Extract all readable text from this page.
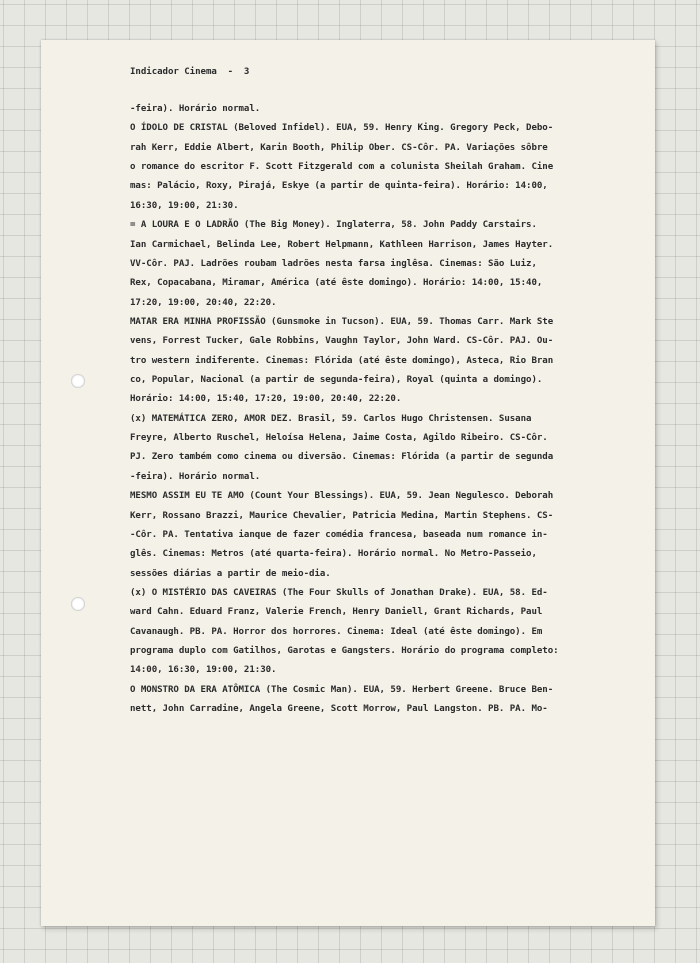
Indicador Cinema  -  3
-feira). Horário normal.
O ÍDOLO DE CRISTAL (Beloved Infidel). EUA, 59. Henry King. Gregory Peck, Debo-
rah Kerr, Eddie Albert, Karin Booth, Philip Ober. CS-Côr. PA. Variações sôbre
o romance do escritor F. Scott Fitzgerald com a colunista Sheilah Graham. Cine
mas: Palácio, Roxy, Pirajá, Eskye (a partir de quinta-feira). Horário: 14:00,
16:30, 19:00, 21:30.
= A LOURA E O LADRÃO (The Big Money). Inglaterra, 58. John Paddy Carstairs.
Ian Carmichael, Belinda Lee, Robert Helpmann, Kathleen Harrison, James Hayter.
VV-Côr. PAJ. Ladrões roubam ladrões nesta farsa inglêsa. Cinemas: São Luiz,
Rex, Copacabana, Miramar, América (até êste domingo). Horário: 14:00, 15:40,
17:20, 19:00, 20:40, 22:20.
MATAR ERA MINHA PROFISSÃO (Gunsmoke in Tucson). EUA, 59. Thomas Carr. Mark Ste
vens, Forrest Tucker, Gale Robbins, Vaughn Taylor, John Ward. CS-Côr. PAJ. Ou-
tro western indiferente. Cinemas: Flórida (até êste domingo), Asteca, Rio Bran
co, Popular, Nacional (a partir de segunda-feira), Royal (quinta a domingo).
Horário: 14:00, 15:40, 17:20, 19:00, 20:40, 22:20.
(x) MATEMÁTICA ZERO, AMOR DEZ. Brasil, 59. Carlos Hugo Christensen. Susana
Freyre, Alberto Ruschel, Heloísa Helena, Jaime Costa, Agildo Ribeiro. CS-Côr.
PJ. Zero também como cinema ou diversão. Cinemas: Flórida (a partir de segunda
-feira). Horário normal.
MESMO ASSIM EU TE AMO (Count Your Blessings). EUA, 59. Jean Negulesco. Deborah
Kerr, Rossano Brazzi, Maurice Chevalier, Patricia Medina, Martin Stephens. CS-
-Côr. PA. Tentativa ianque de fazer comédia francesa, baseada num romance in-
glês. Cinemas: Metros (até quarta-feira). Horário normal. No Metro-Passeio,
sessões diárias a partir de meio-dia.
(x) O MISTÉRIO DAS CAVEIRAS (The Four Skulls of Jonathan Drake). EUA, 58. Ed-
ward Cahn. Eduard Franz, Valerie French, Henry Daniell, Grant Richards, Paul
Cavanaugh. PB. PA. Horror dos horrores. Cinema: Ideal (até êste domingo). Em
programa duplo com Gatilhos, Garotas e Gangsters. Horário do programa completo:
14:00, 16:30, 19:00, 21:30.
O MONSTRO DA ERA ATÔMICA (The Cosmic Man). EUA, 59. Herbert Greene. Bruce Ben-
nett, John Carradine, Angela Greene, Scott Morrow, Paul Langston. PB. PA. Mo-
